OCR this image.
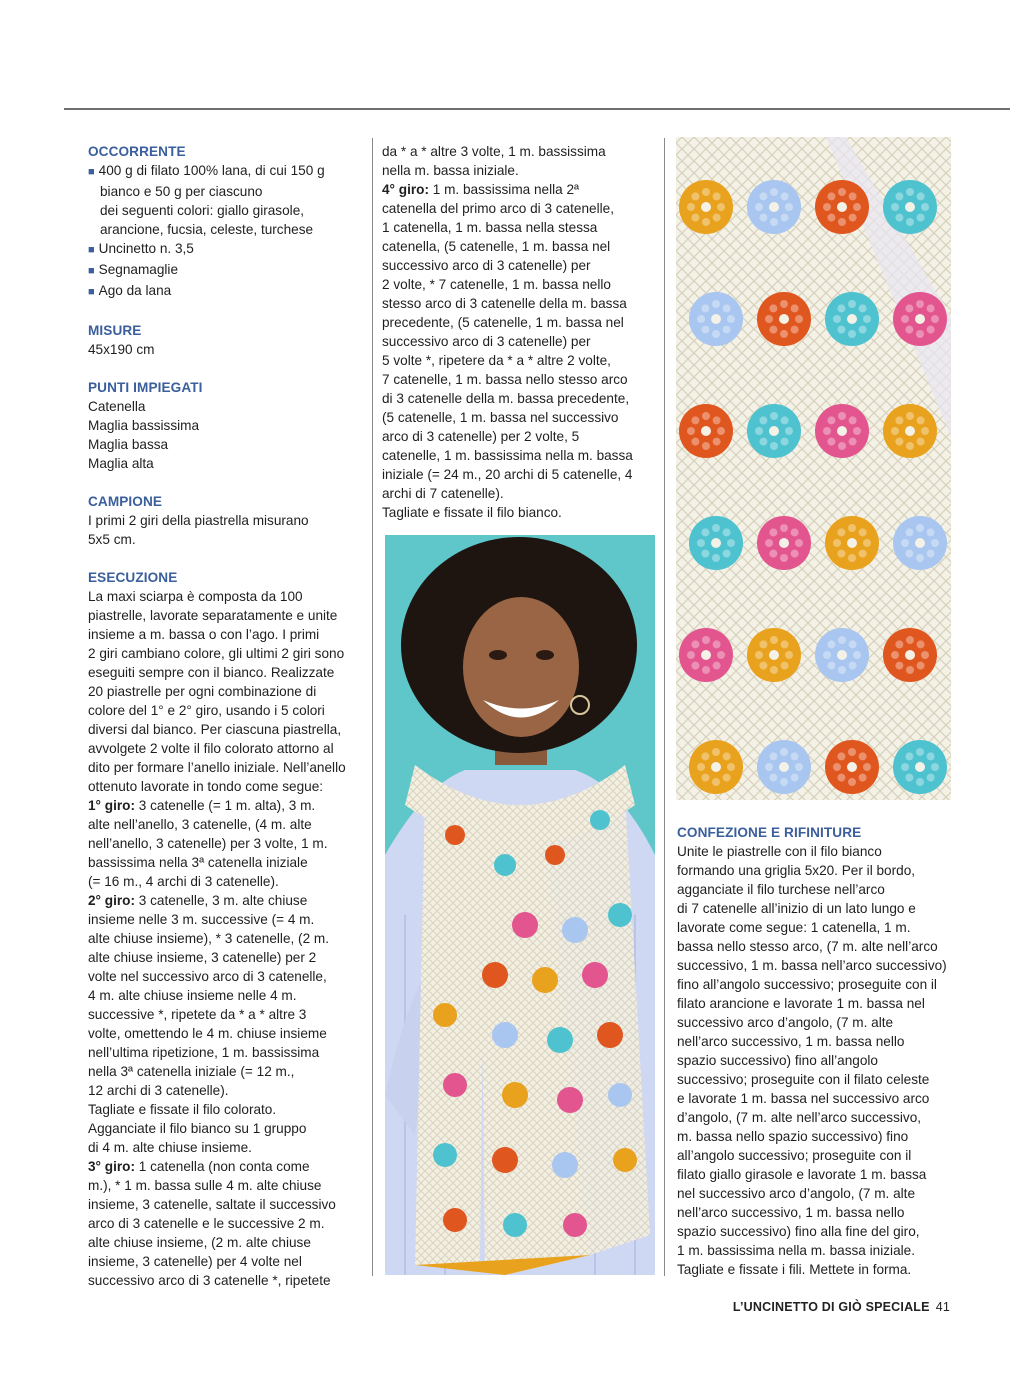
OCCORRENTE
■ 400 g di filato 100% lana, di cui 150 g
bianco e 50 g per ciascuno
dei seguenti colori: giallo girasole,
arancione, fucsia, celeste, turchese
■ Uncinetto n. 3,5
■ Segnamaglie
■ Ago da lana
MISURE
45x190 cm
PUNTI IMPIEGATI
Catenella
Maglia bassissima
Maglia bassa
Maglia alta
CAMPIONE
I primi 2 giri della piastrella misurano
5x5 cm.
ESECUZIONE
La maxi sciarpa è composta da 100
piastrelle, lavorate separatamente e unite
insieme a m. bassa o con l’ago. I primi
2 giri cambiano colore, gli ultimi 2 giri sono
eseguiti sempre con il bianco. Realizzate
20 piastrelle per ogni combinazione di
colore del 1° e 2° giro, usando i 5 colori
diversi dal bianco. Per ciascuna piastrella,
avvolgete 2 volte il filo colorato attorno al
dito per formare l’anello iniziale. Nell’anello
ottenuto lavorate in tondo come segue:
1° giro: 3 catenelle (= 1 m. alta), 3 m.
alte nell’anello, 3 catenelle, (4 m. alte
nell’anello, 3 catenelle) per 3 volte, 1 m.
bassissima nella 3ª catenella iniziale
(= 16 m., 4 archi di 3 catenelle).
2° giro: 3 catenelle, 3 m. alte chiuse
insieme nelle 3 m. successive (= 4 m.
alte chiuse insieme), * 3 catenelle, (2 m.
alte chiuse insieme, 3 catenelle) per 2
volte nel successivo arco di 3 catenelle,
4 m. alte chiuse insieme nelle 4 m.
successive *, ripetete da * a * altre 3
volte, omettendo le 4 m. chiuse insieme
nell’ultima ripetizione, 1 m. bassissima
nella 3ª catenella iniziale (= 12 m.,
12 archi di 3 catenelle).
Tagliate e fissate il filo colorato.
Agganciate il filo bianco su 1 gruppo
di 4 m. alte chiuse insieme.
3° giro: 1 catenella (non conta come
m.), * 1 m. bassa sulle 4 m. alte chiuse
insieme, 3 catenelle, saltate il successivo
arco di 3 catenelle e le successive 2 m.
alte chiuse insieme, (2 m. alte chiuse
insieme, 3 catenelle) per 4 volte nel
successivo arco di 3 catenelle *, ripetete
da * a * altre 3 volte, 1 m. bassissima
nella m. bassa iniziale.
4° giro: 1 m. bassissima nella 2ª
catenella del primo arco di 3 catenelle,
1 catenella, 1 m. bassa nella stessa
catenella, (5 catenelle, 1 m. bassa nel
successivo arco di 3 catenelle) per
2 volte, * 7 catenelle, 1 m. bassa nello
stesso arco di 3 catenelle della m. bassa
precedente, (5 catenelle, 1 m. bassa nel
successivo arco di 3 catenelle) per
5 volte *, ripetere da * a * altre 2 volte,
7 catenelle, 1 m. bassa nello stesso arco
di 3 catenelle della m. bassa precedente,
(5 catenelle, 1 m. bassa nel successivo
arco di 3 catenelle) per 2 volte, 5
catenelle, 1 m. bassissima nella m. bassa
iniziale (= 24 m., 20 archi di 5 catenelle, 4
archi di 7 catenelle).
Tagliate e fissate il filo bianco.
CONFEZIONE E RIFINITURE
Unite le piastrelle con il filo bianco
formando una griglia 5x20. Per il bordo,
agganciate il filo turchese nell’arco
di 7 catenelle all’inizio di un lato lungo e
lavorate come segue: 1 catenella, 1 m.
bassa nello stesso arco, (7 m. alte nell’arco
successivo, 1 m. bassa nell’arco successivo)
fino all’angolo successivo; proseguite con il
filato arancione e lavorate 1 m. bassa nel
successivo arco d’angolo, (7 m. alte
nell’arco successivo, 1 m. bassa nello
spazio successivo) fino all’angolo
successivo; proseguite con il filato celeste
e lavorate 1 m. bassa nel successivo arco
d’angolo, (7 m. alte nell’arco successivo,
m. bassa nello spazio successivo) fino
all’angolo successivo; proseguite con il
filato giallo girasole e lavorate 1 m. bassa
nel successivo arco d’angolo, (7 m. alte
nell’arco successivo, 1 m. bassa nello
spazio successivo) fino alla fine del giro,
1 m. bassissima nella m. bassa iniziale.
Tagliate e fissate i fili. Mettete in forma.
L’UNCINETTO DI GIÒ SPECIALE 41
